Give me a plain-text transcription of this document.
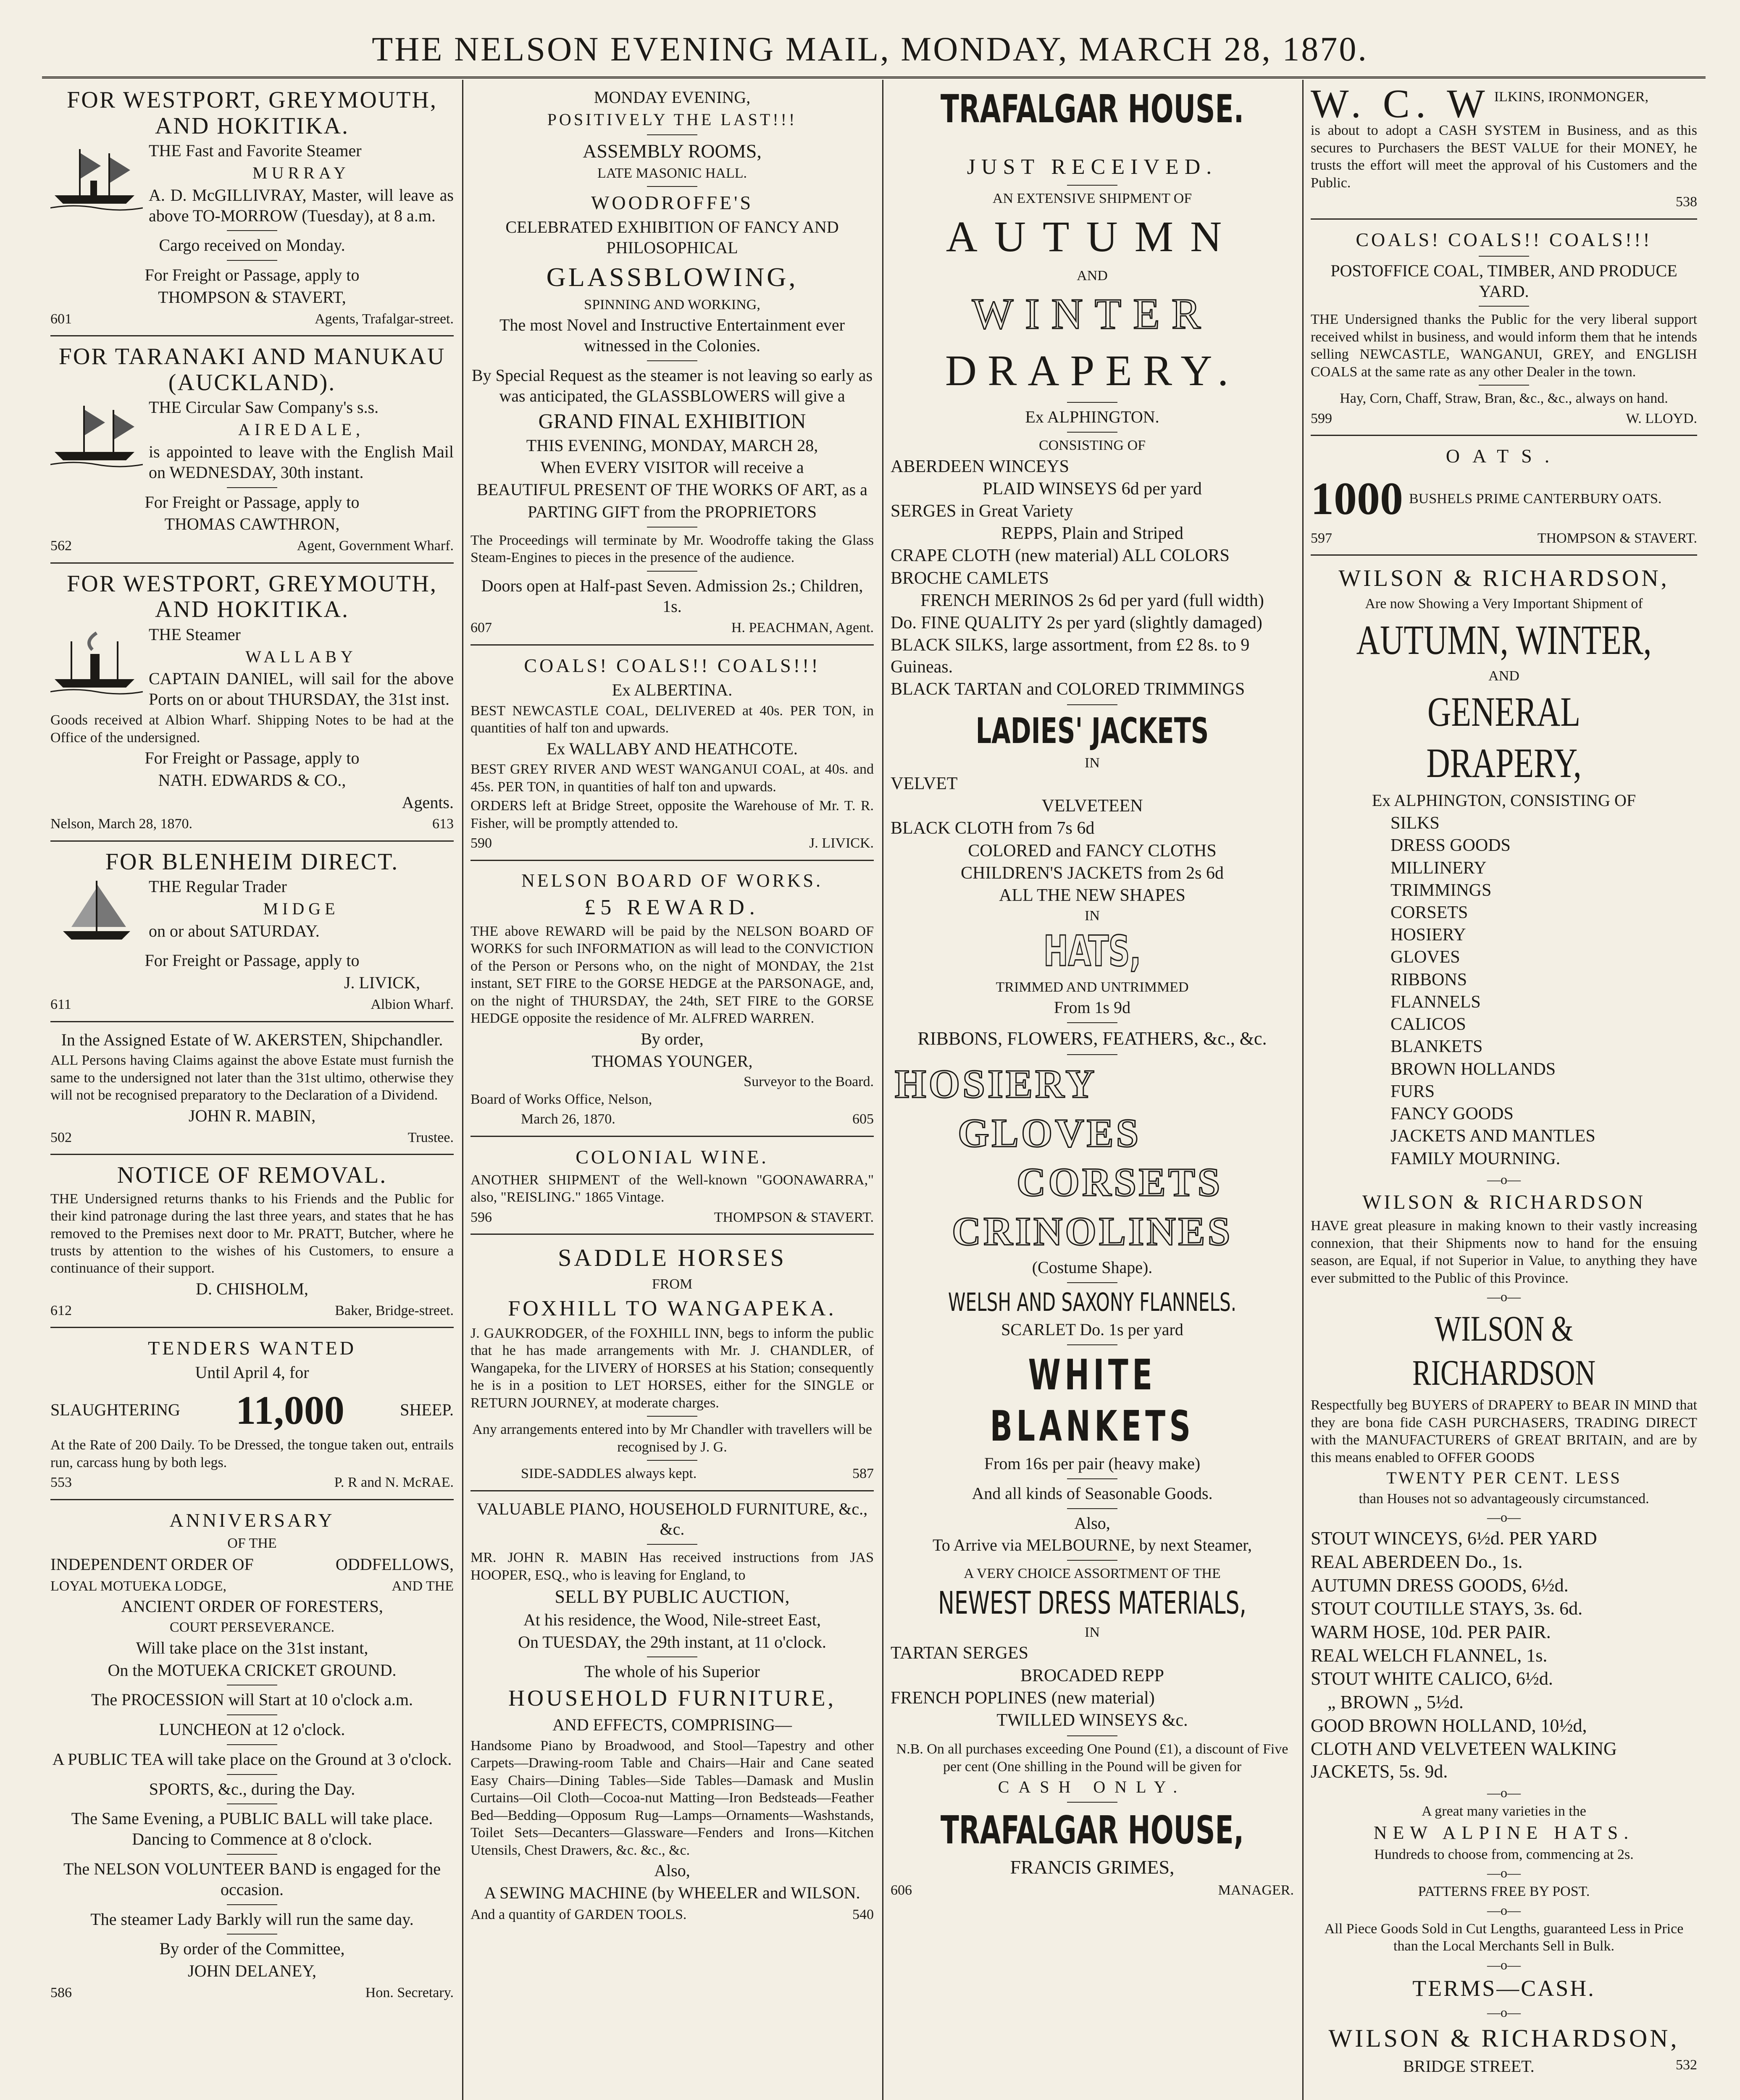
THE NELSON EVENING MAIL, MONDAY, MARCH 28, 1870.
FOR WESTPORT, GREYMOUTH, AND HOKITIKA.

THE Fast and Favorite Steamer

MURRAY

A. D. McGILLIVRAY, Master, will leave as above TO-MORROW (Tuesday), at 8 a.m.

Cargo received on Monday.

For Freight or Passage, apply to

THOMPSON & STAVERT,

601	Agents, Trafalgar-street.
FOR TARANAKI AND MANUKAU (AUCKLAND).

THE Circular Saw Company's s.s.

AIREDALE,

is appointed to leave with the English Mail on WEDNESDAY, 30th instant.

For Freight or Passage, apply to

THOMAS CAWTHRON,

562	Agent, Government Wharf.
FOR WESTPORT, GREYMOUTH, AND HOKITIKA.

THE Steamer

WALLABY

CAPTAIN DANIEL, will sail for the above Ports on or about THURSDAY, the 31st inst.

Goods received at Albion Wharf. Shipping Notes to be had at the Office of the undersigned.

For Freight or Passage, apply to

NATH. EDWARDS & CO.,

Agents.

Nelson, March 28, 1870.	613
FOR BLENHEIM DIRECT.

THE Regular Trader

MIDGE

on or about SATURDAY.

For Freight or Passage, apply to

J. LIVICK,

611	Albion Wharf.

In the Assigned Estate of W. AKERSTEN, Shipchandler.

ALL Persons having Claims against the above Estate must furnish the same to the undersigned not later than the 31st ultimo, otherwise they will not be recognised preparatory to the Declaration of a Dividend.

JOHN R. MABIN,

502	Trustee.
NOTICE OF REMOVAL.

THE Undersigned returns thanks to his Friends and the Public for their kind patronage during the last three years, and states that he has removed to the Premises next door to Mr. PRATT, Butcher, where he trusts by attention to the wishes of his Customers, to ensure a continuance of their support.

D. CHISHOLM,

612	Baker, Bridge-street.
TENDERS WANTED

Until April 4, for

SLAUGHTERING 11,000	SHEEP.

At the Rate of 200 Daily. To be Dressed, the tongue taken out, entrails run, carcass hung by both legs.

553	P. R and N. McRAE.
ANNIVERSARY

OF THE

INDEPENDENT ORDER OF	ODDFELLOWS,
LOYAL MOTUEKA LODGE,	AND THE

ANCIENT ORDER OF FORESTERS,

COURT PERSEVERANCE.

Will take place on the 31st instant,

On the MOTUEKA CRICKET GROUND.

The PROCESSION will Start at 10 o'clock a.m.

LUNCHEON at 12 o'clock.

A PUBLIC TEA will take place on the Ground at 3 o'clock.

SPORTS, &c., during the Day.

The Same Evening, a PUBLIC BALL will take place. Dancing to Commence at 8 o'clock.

The NELSON VOLUNTEER BAND is engaged for the occasion.

The steamer Lady Barkly will run the same day.

By order of the Committee,

JOHN DELANEY,

586	Hon. Secretary.

MONDAY EVENING,

POSITIVELY THE LAST!!!

ASSEMBLY ROOMS,

LATE MASONIC HALL.

WOODROFFE'S

CELEBRATED EXHIBITION OF FANCY AND PHILOSOPHICAL

GLASSBLOWING,

SPINNING AND WORKING,

The most Novel and Instructive Entertainment ever witnessed in the Colonies.

By Special Request as the steamer is not leaving so early as was anticipated, the GLASSBLOWERS will give a

GRAND FINAL EXHIBITION

THIS EVENING, MONDAY, MARCH 28,

When EVERY VISITOR will receive a

BEAUTIFUL PRESENT OF THE WORKS OF ART, as a

PARTING GIFT from the PROPRIETORS

The Proceedings will terminate by Mr. Woodroffe taking the Glass Steam-Engines to pieces in the presence of the audience.

Doors open at Half-past Seven. Admission 2s.; Children, 1s.

607	H. PEACHMAN, Agent.
COALS! COALS!! COALS!!!

Ex ALBERTINA.

BEST NEWCASTLE COAL, DELIVERED at 40s. PER TON, in quantities of half ton and upwards.

Ex WALLABY AND HEATHCOTE.

BEST GREY RIVER AND WEST WANGANUI COAL, at 40s. and 45s. PER TON, in quantities of half ton and upwards.

ORDERS left at Bridge Street, opposite the Warehouse of Mr. T. R. Fisher, will be promptly attended to.

590	J. LIVICK.
NELSON BOARD OF WORKS.

£5 REWARD.

THE above REWARD will be paid by the NELSON BOARD OF WORKS for such INFORMATION as will lead to the CONVICTION of the Person or Persons who, on the night of MONDAY, the 21st instant, SET FIRE to the GORSE HEDGE at the PARSONAGE, and, on the night of THURSDAY, the 24th, SET FIRE to the GORSE HEDGE opposite the residence of Mr. ALFRED WARREN.

By order,

THOMAS YOUNGER,

Surveyor to the Board.

Board of Works Office, Nelson,

March 26, 1870.	605
COLONIAL WINE.

ANOTHER SHIPMENT of the Well-known "GOONAWARRA," also, "REISLING." 1865 Vintage.

596	THOMPSON & STAVERT.
SADDLE HORSES

FROM

FOXHILL TO WANGAPEKA.

J. GAUKRODGER, of the FOXHILL INN, begs to inform the public that he has made arrangements with Mr. J. CHANDLER, of Wangapeka, for the LIVERY of HORSES at his Station; consequently he is in a position to LET HORSES, either for the SINGLE or RETURN JOURNEY, at moderate charges.

Any arrangements entered into by Mr Chandler with travellers will be recognised by J. G.

SIDE-SADDLES always kept.	587

VALUABLE PIANO, HOUSEHOLD FURNITURE, &c., &c.

MR. JOHN R. MABIN Has received instructions from JAS HOOPER, ESQ., who is leaving for England, to

SELL BY PUBLIC AUCTION,

At his residence, the Wood, Nile-street East,

On TUESDAY, the 29th instant, at 11 o'clock.

The whole of his Superior

HOUSEHOLD FURNITURE,

AND EFFECTS, COMPRISING—

Handsome Piano by Broadwood, and Stool—Tapestry and other Carpets—Drawing-room Table and Chairs—Hair and Cane seated Easy Chairs—Dining Tables—Side Tables—Damask and Muslin Curtains—Oil Cloth—Cocoa-nut Matting—Iron Bedsteads—Feather Bed—Bedding—Opposum Rug—Lamps—Ornaments—Washstands, Toilet Sets—Decanters—Glassware—Fenders and Irons—Kitchen Utensils, Chest Drawers, &c. &c., &c.

Also,

A SEWING MACHINE (by WHEELER and WILSON.

And a quantity of GARDEN TOOLS.	540
TRAFALGAR HOUSE.

JUST RECEIVED.

AN EXTENSIVE SHIPMENT OF

AUTUMN

AND

WINTER
DRAPERY.

Ex ALPHINGTON.

CONSISTING OF

ABERDEEN WINCEYS

PLAID WINSEYS 6d per yard

SERGES in Great Variety

REPPS, Plain and Striped

CRAPE CLOTH (new material) ALL COLORS

BROCHE CAMLETS

FRENCH MERINOS 2s 6d per yard (full width)

Do. FINE QUALITY 2s per yard (slightly damaged)

BLACK SILKS, large assortment, from £2 8s. to 9 Guineas.

BLACK TARTAN and COLORED TRIMMINGS

LADIES' JACKETS

IN

VELVET

VELVETEEN

BLACK CLOTH from 7s 6d

COLORED and FANCY CLOTHS

CHILDREN'S JACKETS from 2s 6d

ALL THE NEW SHAPES

IN

HATS,

TRIMMED AND UNTRIMMED

From 1s 9d

RIBBONS, FLOWERS, FEATHERS, &c., &c.

HOSIERY
GLOVES
CORSETS
CRINOLINES

(Costume Shape).

WELSH AND SAXONY FLANNELS.

SCARLET Do. 1s per yard

WHITE BLANKETS

From 16s per pair (heavy make)

And all kinds of Seasonable Goods.

Also,

To Arrive via MELBOURNE, by next Steamer,

A VERY CHOICE ASSORTMENT OF THE

NEWEST DRESS MATERIALS,

IN

TARTAN SERGES

BROCADED REPP

FRENCH POPLINES (new material)

TWILLED WINSEYS &c.

N.B. On all purchases exceeding One Pound (£1), a discount of Five per cent (One shilling in the Pound will be given for

CASH ONLY.

TRAFALGAR HOUSE,

FRANCIS GRIMES,

606	MANAGER.
W. C. W ILKINS, IRONMONGER,

is about to adopt a CASH SYSTEM in Business, and as this secures to Purchasers the BEST VALUE for their MONEY, he trusts the effort will meet the approval of his Customers and the Public.

538

COALS! COALS!! COALS!!!

POSTOFFICE COAL, TIMBER, AND PRODUCE YARD.

THE Undersigned thanks the Public for the very liberal support received whilst in business, and would inform them that he intends selling NEWCASTLE, WANGANUI, GREY, and ENGLISH COALS at the same rate as any other Dealer in the town.

Hay, Corn, Chaff, Straw, Bran, &c., &c., always on hand.

599	W. LLOYD.
OATS.
1000 BUSHELS PRIME CANTERBURY OATS.
597	THOMPSON & STAVERT.
WILSON & RICHARDSON,

Are now Showing a Very Important Shipment of

AUTUMN, WINTER,

AND

GENERAL DRAPERY,

Ex ALPHINGTON, CONSISTING OF

SILKS

DRESS GOODS

MILLINERY

TRIMMINGS

CORSETS

HOSIERY

GLOVES

RIBBONS

FLANNELS

CALICOS

BLANKETS

BROWN HOLLANDS

FURS

FANCY GOODS

JACKETS AND MANTLES

FAMILY MOURNING.

—o—

WILSON & RICHARDSON

HAVE great pleasure in making known to their vastly increasing connexion, that their Shipments now to hand for the ensuing season, are Equal, if not Superior in Value, to anything they have ever submitted to the Public of this Province.

—o—

WILSON & RICHARDSON

Respectfully beg BUYERS of DRAPERY to BEAR IN MIND that they are bona fide CASH PURCHASERS, TRADING DIRECT with the MANUFACTURERS of GREAT BRITAIN, and are by this means enabled to OFFER GOODS

TWENTY PER CENT. LESS

than Houses not so advantageously circumstanced.

—o—

STOUT WINCEYS, 6½d. PER YARD

REAL ABERDEEN Do., 1s.

AUTUMN DRESS GOODS, 6½d.

STOUT COUTILLE STAYS, 3s. 6d.

WARM HOSE, 10d. PER PAIR.

REAL WELCH FLANNEL, 1s.

STOUT WHITE CALICO, 6½d.

„ BROWN „ 5½d.

GOOD BROWN HOLLAND, 10½d,

CLOTH AND VELVETEEN WALKING JACKETS, 5s. 9d.

—o—

A great many varieties in the

NEW ALPINE HATS.

Hundreds to choose from, commencing at 2s.

—o—

PATTERNS FREE BY POST.

—o—

All Piece Goods Sold in Cut Lengths, guaranteed Less in Price than the Local Merchants Sell in Bulk.

—o—

TERMS—CASH.

—o—

WILSON & RICHARDSON,
BRIDGE STREET.	532
